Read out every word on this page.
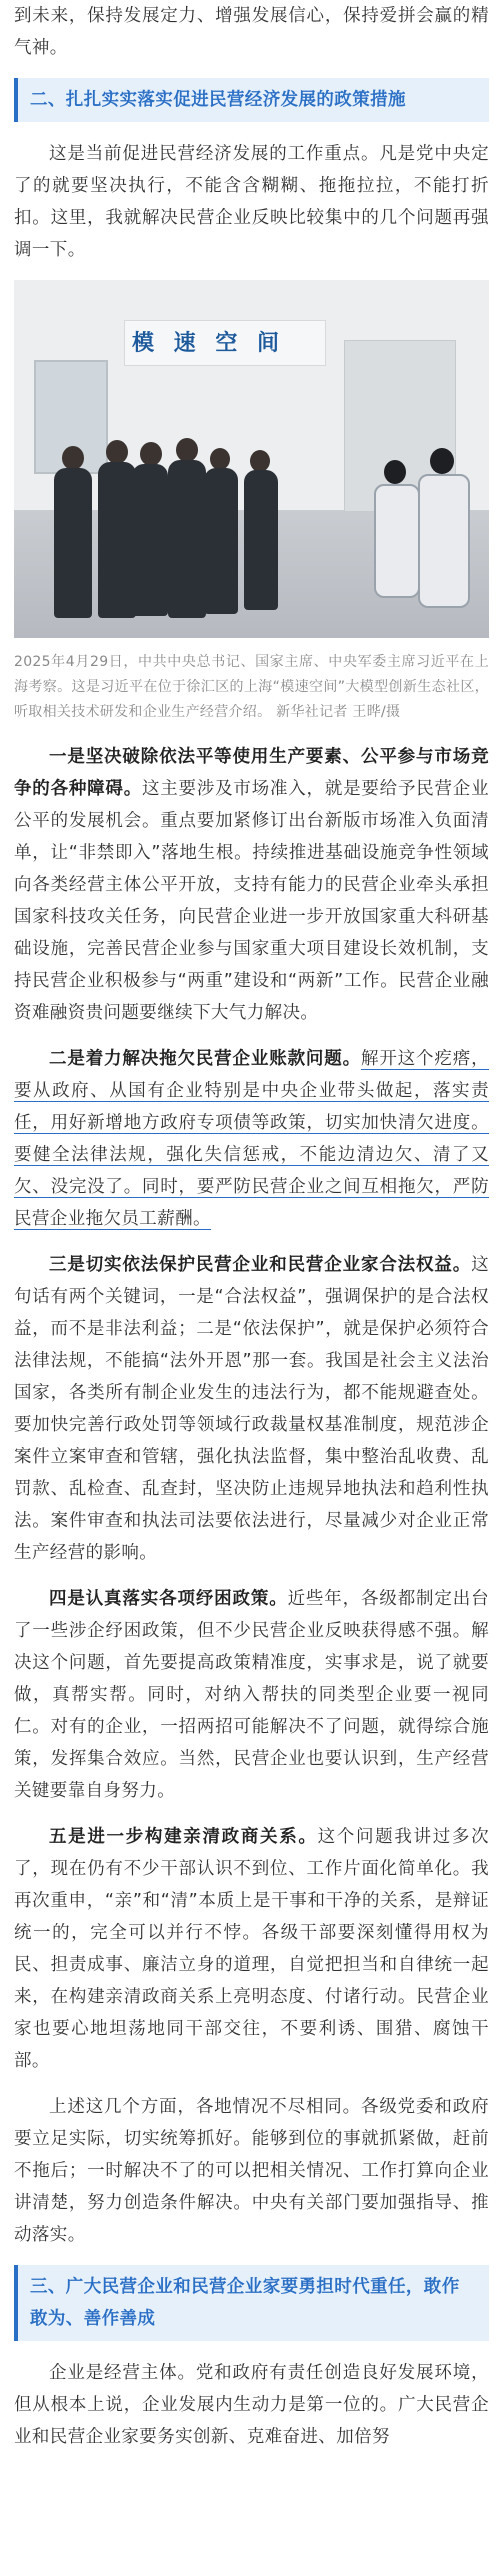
到未来，保持发展定力、增强发展信心，保持爱拼会赢的精气神。

二、扎扎实实落实促进民营经济发展的政策措施

这是当前促进民营经济发展的工作重点。凡是党中央定了的就要坚决执行，不能含含糊糊、拖拖拉拉，不能打折扣。这里，我就解决民营企业反映比较集中的几个问题再强调一下。

模 速 空 间

2025年4月29日，中共中央总书记、国家主席、中央军委主席习近平在上海考察。这是习近平在位于徐汇区的上海“模速空间”大模型创新生态社区，听取相关技术研发和企业生产经营介绍。 新华社记者 王晔/摄

一是坚决破除依法平等使用生产要素、公平参与市场竞争的各种障碍。这主要涉及市场准入，就是要给予民营企业公平的发展机会。重点要加紧修订出台新版市场准入负面清单，让“非禁即入”落地生根。持续推进基础设施竞争性领域向各类经营主体公平开放，支持有能力的民营企业牵头承担国家科技攻关任务，向民营企业进一步开放国家重大科研基础设施，完善民营企业参与国家重大项目建设长效机制，支持民营企业积极参与“两重”建设和“两新”工作。民营企业融资难融资贵问题要继续下大气力解决。

二是着力解决拖欠民营企业账款问题。解开这个疙瘩，要从政府、从国有企业特别是中央企业带头做起，落实责任，用好新增地方政府专项债等政策，切实加快清欠进度。要健全法律法规，强化失信惩戒，不能边清边欠、清了又欠、没完没了。同时，要严防民营企业之间互相拖欠，严防民营企业拖欠员工薪酬。

三是切实依法保护民营企业和民营企业家合法权益。这句话有两个关键词，一是“合法权益”，强调保护的是合法权益，而不是非法利益；二是“依法保护”，就是保护必须符合法律法规，不能搞“法外开恩”那一套。我国是社会主义法治国家，各类所有制企业发生的违法行为，都不能规避查处。要加快完善行政处罚等领域行政裁量权基准制度，规范涉企案件立案审查和管辖，强化执法监督，集中整治乱收费、乱罚款、乱检查、乱查封，坚决防止违规异地执法和趋利性执法。案件审查和执法司法要依法进行，尽量减少对企业正常生产经营的影响。

四是认真落实各项纾困政策。近些年，各级都制定出台了一些涉企纾困政策，但不少民营企业反映获得感不强。解决这个问题，首先要提高政策精准度，实事求是，说了就要做，真帮实帮。同时，对纳入帮扶的同类型企业要一视同仁。对有的企业，一招两招可能解决不了问题，就得综合施策，发挥集合效应。当然，民营企业也要认识到，生产经营关键要靠自身努力。

五是进一步构建亲清政商关系。这个问题我讲过多次了，现在仍有不少干部认识不到位、工作片面化简单化。我再次重申，“亲”和“清”本质上是干事和干净的关系，是辩证统一的，完全可以并行不悖。各级干部要深刻懂得用权为民、担责成事、廉洁立身的道理，自觉把担当和自律统一起来，在构建亲清政商关系上亮明态度、付诸行动。民营企业家也要心地坦荡地同干部交往，不要利诱、围猎、腐蚀干部。

上述这几个方面，各地情况不尽相同。各级党委和政府要立足实际，切实统筹抓好。能够到位的事就抓紧做，赶前不拖后；一时解决不了的可以把相关情况、工作打算向企业讲清楚，努力创造条件解决。中央有关部门要加强指导、推动落实。

三、广大民营企业和民营企业家要勇担时代重任，敢作敢为、善作善成

企业是经营主体。党和政府有责任创造良好发展环境，但从根本上说，企业发展内生动力是第一位的。广大民营企业和民营企业家要务实创新、克难奋进、加倍努
